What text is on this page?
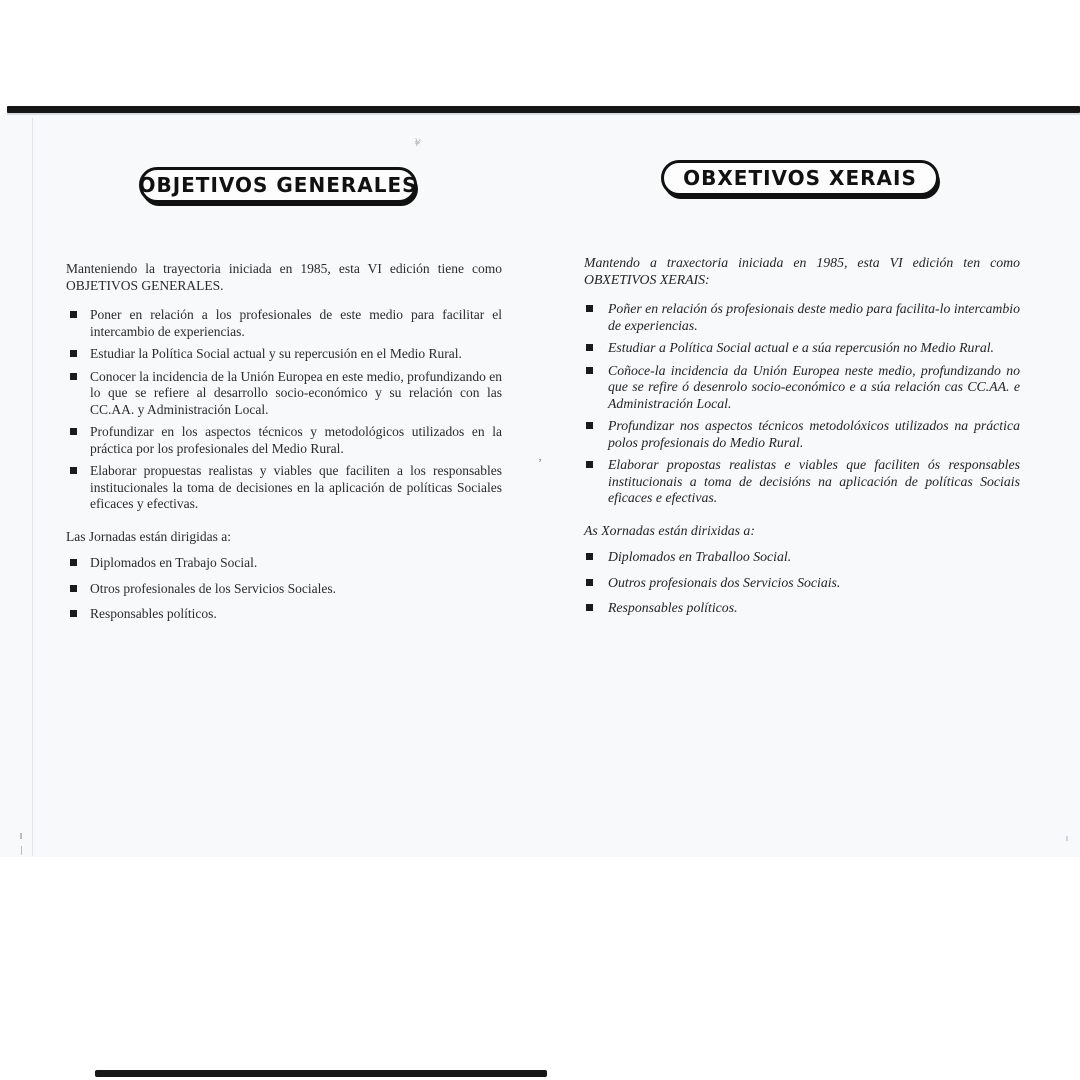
¥
‚
OBJETIVOS GENERALES	OBXETIVOS XERAIS

Manteniendo la trayectoria iniciada en 1985, esta VI edición tiene como OBJETIVOS GENERALES.

Poner en relación a los profesionales de este medio para facilitar el intercambio de experiencias.
Estudiar la Política Social actual y su repercusión en el Medio Rural.
Conocer la incidencia de la Unión Europea en este medio, profundizando en lo que se refiere al desarrollo socio-económico y su relación con las CC.AA. y Administración Local.
Profundizar en los aspectos técnicos y metodológicos utilizados en la práctica por los profesionales del Medio Rural.
Elaborar propuestas realistas y viables que faciliten a los responsables institucionales la toma de decisiones en la aplicación de políticas Sociales eficaces y efectivas.

Las Jornadas están dirigidas a:

Diplomados en Trabajo Social.
Otros profesionales de los Servicios Sociales.
Responsables políticos.

Mantendo a traxectoria iniciada en 1985, esta VI edición ten como OBXETIVOS XERAIS:

Poñer en relación ós profesionais deste medio para facilita-lo intercambio de experiencias.
Estudiar a Política Social actual e a súa repercusión no Medio Rural.
Coñoce-la incidencia da Unión Europea neste medio, profundizando no que se refire ó desenrolo socio-económico e a súa relación cas CC.AA. e Administración Local.
Profundizar nos aspectos técnicos metodolóxicos utilizados na práctica polos profesionais do Medio Rural.
Elaborar propostas realistas e viables que faciliten ós responsables institucionais a toma de decisións na aplicación de políticas Sociais eficaces e efectivas.

As Xornadas están dirixidas a:

Diplomados en Traballoo Social.
Outros profesionais dos Servicios Sociais.
Responsables políticos.
